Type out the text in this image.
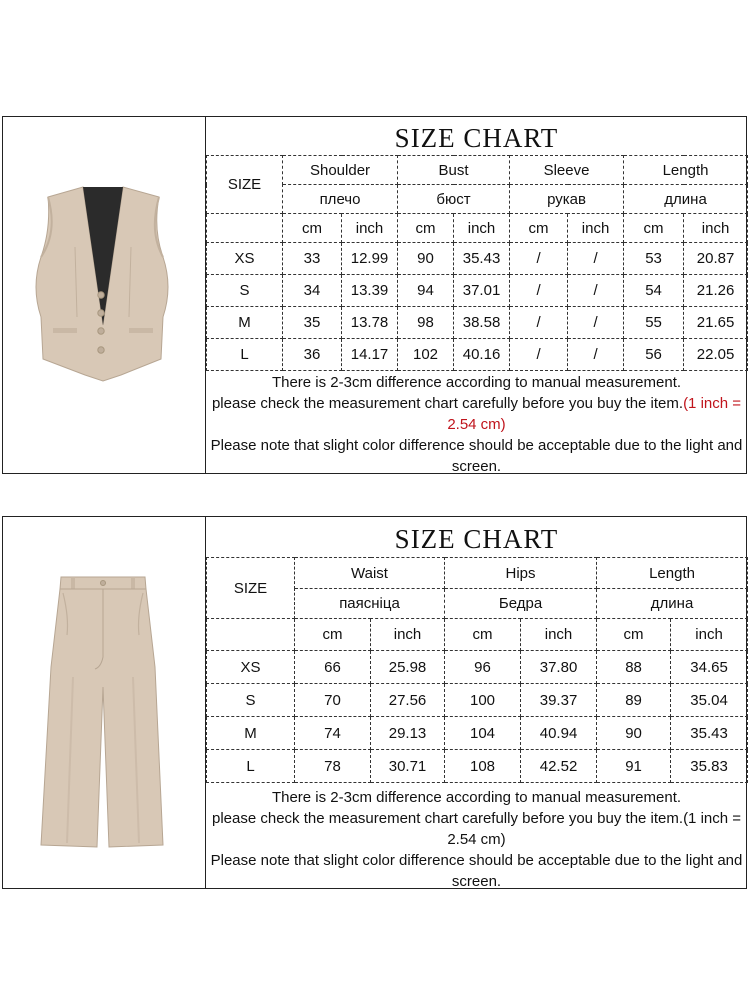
SIZE CHART
SIZE	Shoulder		Bust		Sleeve		Length	
	плечо		бюст		рукав		длина	
	cm	inch	cm	inch	cm	inch	cm	inch
XS	33	12.99	90	35.43	/	/	53	20.87
S	34	13.39	94	37.01	/	/	54	21.26
M	35	13.78	98	38.58	/	/	55	21.65
L	36	14.17	102	40.16	/	/	56	22.05

There is 2-3cm difference according to manual measurement.

please check the measurement chart carefully before you buy the item.(1 inch = 2.54 cm)

Please note that slight color difference should be acceptable due to the light and screen.

SIZE CHART
SIZE	Waist		Hips		Length	
	паясніца		Бедра		длина	
	cm	inch	cm	inch	cm	inch
XS	66	25.98	96	37.80	88	34.65
S	70	27.56	100	39.37	89	35.04
M	74	29.13	104	40.94	90	35.43
L	78	30.71	108	42.52	91	35.83

There is 2-3cm difference according to manual measurement.

please check the measurement chart carefully before you buy the item.(1 inch = 2.54 cm)

Please note that slight color difference should be acceptable due to the light and screen.
